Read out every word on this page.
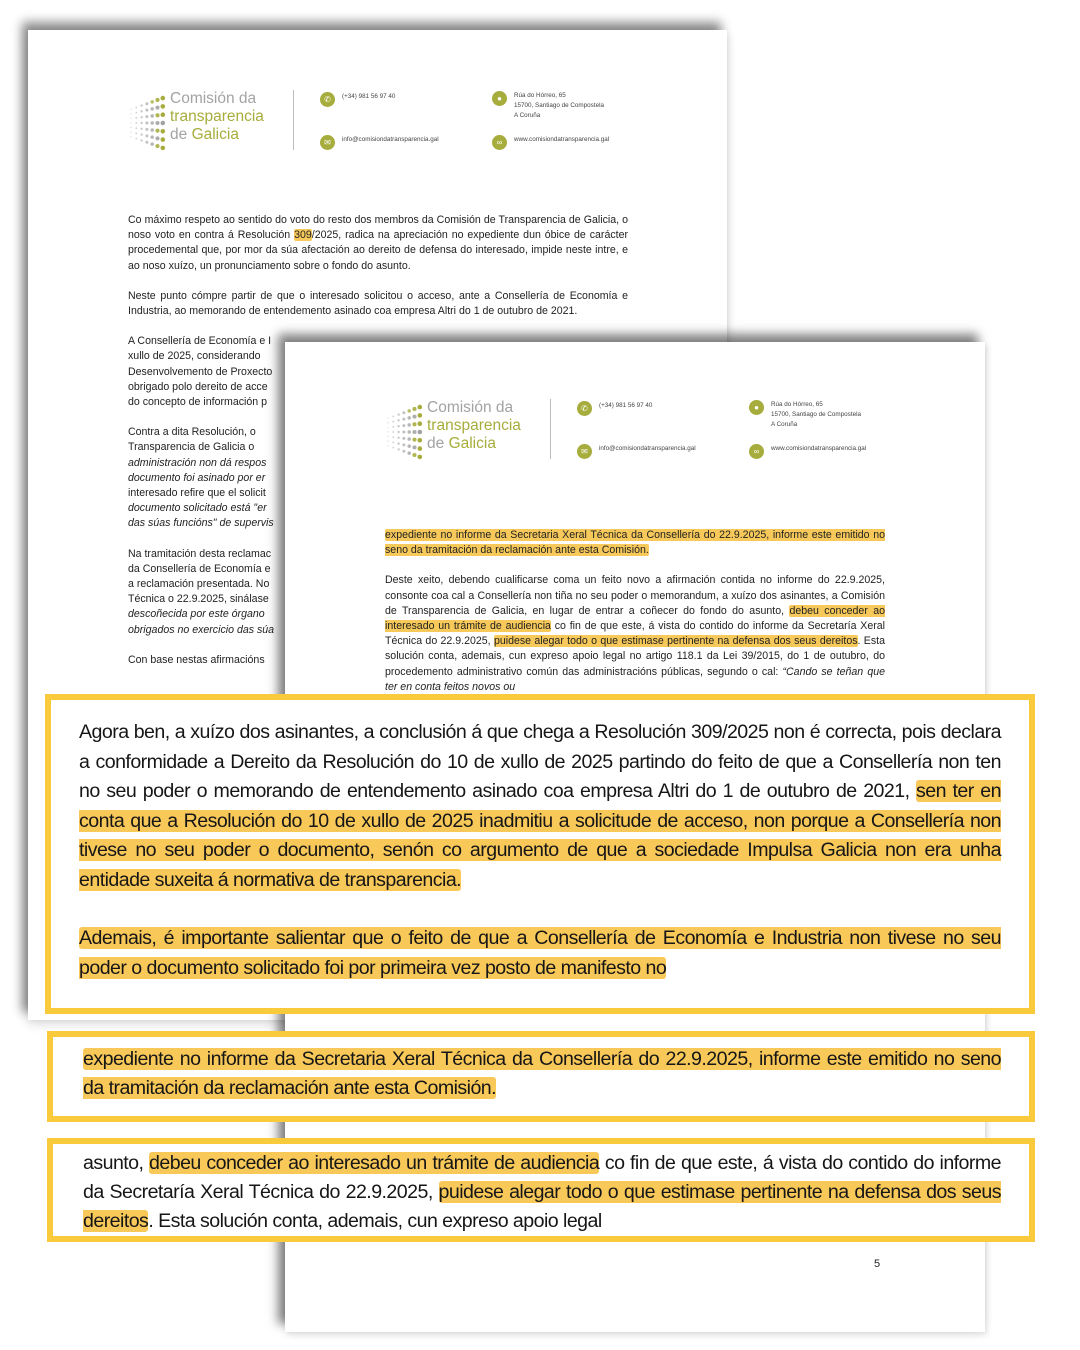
Comisión da
transparencia
de Galicia
✆	(+34) 981 56 97 40
✉	info@comisiondatransparencia.gal
●	Rúa do Hórreo, 65
15700, Santiago de Compostela
A Coruña
∞	www.comisiondatransparencia.gal

Co máximo respeto ao sentido do voto do resto dos membros da Comisión de Transparencia de Galicia, o noso voto en contra á Resolución 309/2025, radica na apreciación no expediente dun óbice de carácter procedemental que, por mor da súa afectación ao dereito de defensa do interesado, impide neste intre, e ao noso xuízo, un pronunciamento sobre o fondo do asunto.

Neste punto cómpre partir de que o interesado solicitou o acceso, ante a Consellería de Economía e Industria, ao memorando de entendemento asinado coa empresa Altri do 1 de outubro de 2021.

A Consellería de Economía e I
xullo de 2025, considerando
Desenvolvemento de Proxecto
obrigado polo dereito de acce
do concepto de información p

Contra a dita Resolución, o
Transparencia de Galicia o
administración non dá respos
documento foi asinado por er
interesado refire que el solicit
documento solicitado está "er
das súas funcións" de supervis

Na tramitación desta reclamac
da Consellería de Economía e
a reclamación presentada. No
Técnica o 22.9.2025, sinálase
descoñecida por este órgano
obrigados no exercicio das súa

Con base nestas afirmacións

Comisión da
transparencia
de Galicia
✆	(+34) 981 56 97 40
✉	info@comisiondatransparencia.gal
●	Rúa do Hórreo, 65
15700, Santiago de Compostela
A Coruña
∞	www.comisiondatransparencia.gal

expediente no informe da Secretaria Xeral Técnica da Consellería do 22.9.2025, informe este emitido no seno da tramitación da reclamación ante esta Comisión.

Deste xeito, debendo cualificarse coma un feito novo a afirmación contida no informe do 22.9.2025, consonte coa cal a Consellería non tiña no seu poder o memorandum, a xuízo dos asinantes, a Comisión de Transparencia de Galicia, en lugar de entrar a coñecer do fondo do asunto, debeu conceder ao interesado un trámite de audiencia co fin de que este, á vista do contido do informe da Secretaría Xeral Técnica do 22.9.2025, puidese alegar todo o que estimase pertinente na defensa dos seus dereitos. Esta solución conta, ademais, cun expreso apoio legal no artigo 118.1 da Lei 39/2015, do 1 de outubro, do procedemento administrativo común das administracións públicas, segundo o cal: “Cando se teñan que ter en conta feitos novos ou

5

Agora ben, a xuízo dos asinantes, a conclusión á que chega a Resolución 309/2025 non é correcta, pois declara a conformidade a Dereito da Resolución do 10 de xullo de 2025 partindo do feito de que a Consellería non ten no seu poder o memorando de entendemento asinado coa empresa Altri do 1 de outubro de 2021, sen ter en conta que a Resolución do 10 de xullo de 2025 inadmitiu a solicitude de acceso, non porque a Consellería non tivese no seu poder o documento, senón co argumento de que a sociedade Impulsa Galicia non era unha entidade suxeita á normativa de transparencia.

Ademais, é importante salientar que o feito de que a Consellería de Economía e Industria non tivese no seu poder o documento solicitado foi por primeira vez posto de manifesto no

expediente no informe da Secretaria Xeral Técnica da Consellería do 22.9.2025, informe este emitido no seno da tramitación da reclamación ante esta Comisión.

asunto, debeu conceder ao interesado un trámite de audiencia co fin de que este, á vista do contido do informe da Secretaría Xeral Técnica do 22.9.2025, puidese alegar todo o que estimase pertinente na defensa dos seus dereitos. Esta solución conta, ademais, cun expreso apoio legal
